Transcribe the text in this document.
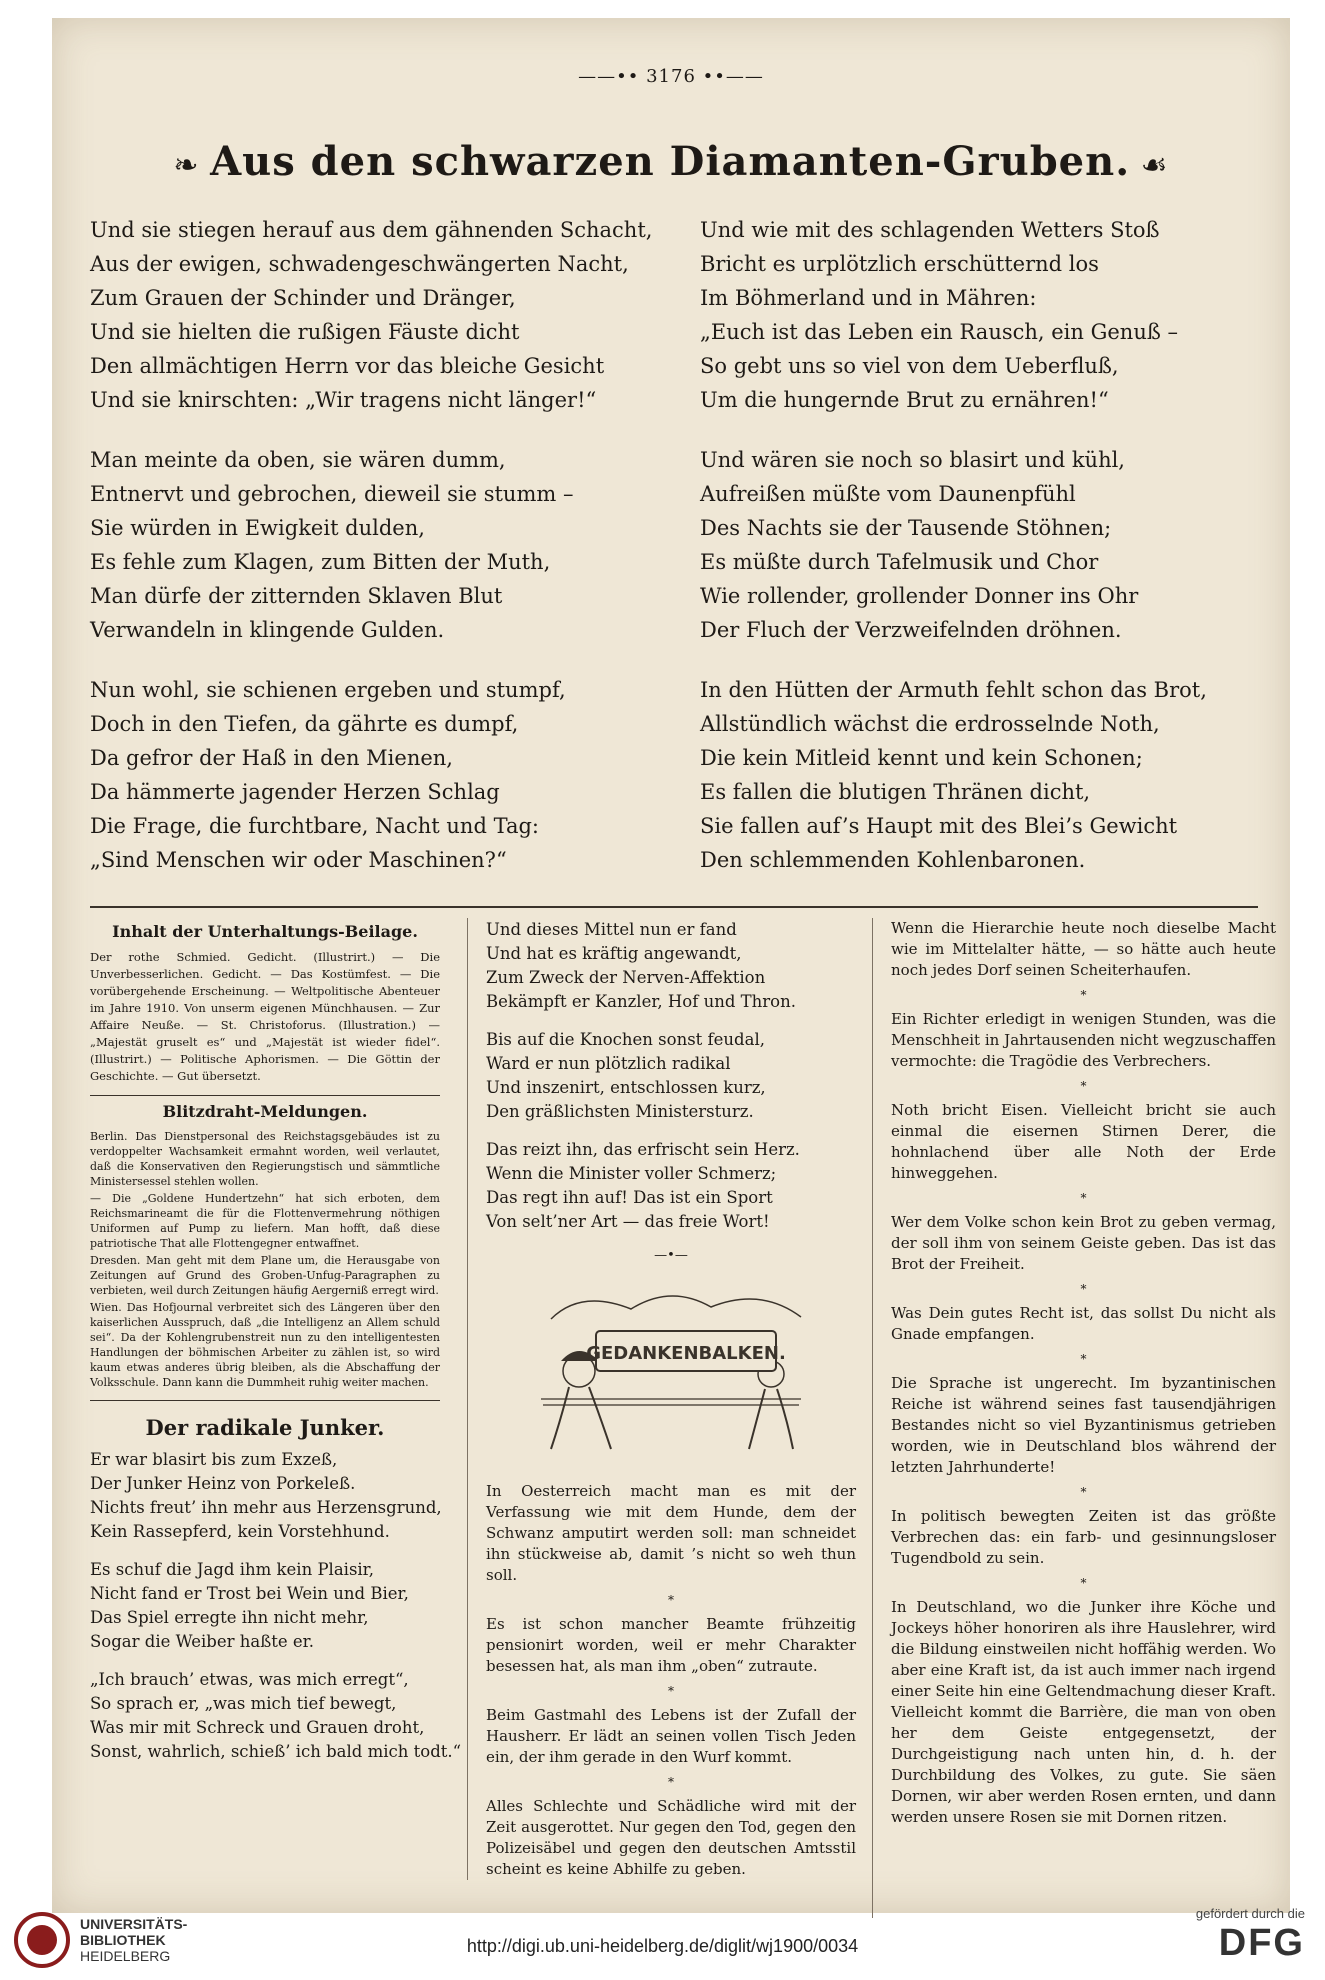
——•• 3176 ••——
❧ Aus den schwarzen Diamanten-Gruben. ☙
Und sie stiegen herauf aus dem gähnenden Schacht,
Aus der ewigen, schwadengeschwängerten Nacht,
Zum Grauen der Schinder und Dränger,
Und sie hielten die rußigen Fäuste dicht
Den allmächtigen Herrn vor das bleiche Gesicht
Und sie knirschten: „Wir tragens nicht länger!“
Man meinte da oben, sie wären dumm,
Entnervt und gebrochen, dieweil sie stumm –
Sie würden in Ewigkeit dulden,
Es fehle zum Klagen, zum Bitten der Muth,
Man dürfe der zitternden Sklaven Blut
Verwandeln in klingende Gulden.
Nun wohl, sie schienen ergeben und stumpf,
Doch in den Tiefen, da gährte es dumpf,
Da gefror der Haß in den Mienen,
Da hämmerte jagender Herzen Schlag
Die Frage, die furchtbare, Nacht und Tag:
„Sind Menschen wir oder Maschinen?“
Und wie mit des schlagenden Wetters Stoß
Bricht es urplötzlich erschütternd los
Im Böhmerland und in Mähren:
„Euch ist das Leben ein Rausch, ein Genuß –
So gebt uns so viel von dem Ueberfluß,
Um die hungernde Brut zu ernähren!“
Und wären sie noch so blasirt und kühl,
Aufreißen müßte vom Daunenpfühl
Des Nachts sie der Tausende Stöhnen;
Es müßte durch Tafelmusik und Chor
Wie rollender, grollender Donner ins Ohr
Der Fluch der Verzweifelnden dröhnen.
In den Hütten der Armuth fehlt schon das Brot,
Allstündlich wächst die erdrosselnde Noth,
Die kein Mitleid kennt und kein Schonen;
Es fallen die blutigen Thränen dicht,
Sie fallen auf’s Haupt mit des Blei’s Gewicht
Den schlemmenden Kohlenbaronen.
Inhalt der Unterhaltungs-Beilage.
Der rothe Schmied. Gedicht. (Illustrirt.) — Die Unverbesserlichen. Gedicht. — Das Kostümfest. — Die vorübergehende Erscheinung. — Weltpolitische Abenteuer im Jahre 1910. Von unserm eigenen Münchhausen. — Zur Affaire Neuße. — St. Christoforus. (Illustration.) — „Majestät gruselt es“ und „Majestät ist wieder fidel“. (Illustrirt.) — Politische Aphorismen. — Die Göttin der Geschichte. — Gut übersetzt.
Blitzdraht-Meldungen.

Berlin. Das Dienstpersonal des Reichstagsgebäudes ist zu verdoppelter Wachsamkeit ermahnt worden, weil verlautet, daß die Konservativen den Regierungstisch und sämmtliche Ministersessel stehlen wollen.

— Die „Goldene Hundertzehn“ hat sich erboten, dem Reichsmarineamt die für die Flottenvermehrung nöthigen Uniformen auf Pump zu liefern. Man hofft, daß diese patriotische That alle Flottengegner entwaffnet.

Dresden. Man geht mit dem Plane um, die Herausgabe von Zeitungen auf Grund des Groben-Unfug-Paragraphen zu verbieten, weil durch Zeitungen häufig Aergerniß erregt wird.

Wien. Das Hofjournal verbreitet sich des Längeren über den kaiserlichen Ausspruch, daß „die Intelligenz an Allem schuld sei“. Da der Kohlengrubenstreit nun zu den intelligentesten Handlungen der böhmischen Arbeiter zu zählen ist, so wird kaum etwas anderes übrig bleiben, als die Abschaffung der Volksschule. Dann kann die Dummheit ruhig weiter machen.

Der radikale Junker.
Er war blasirt bis zum Exzeß,
Der Junker Heinz von Porkeleß.
Nichts freut’ ihn mehr aus Herzensgrund,
Kein Rassepferd, kein Vorstehhund.
Es schuf die Jagd ihm kein Plaisir,
Nicht fand er Trost bei Wein und Bier,
Das Spiel erregte ihn nicht mehr,
Sogar die Weiber haßte er.
„Ich brauch’ etwas, was mich erregt“,
So sprach er, „was mich tief bewegt,
Was mir mit Schreck und Grauen droht,
Sonst, wahrlich, schieß’ ich bald mich todt.“
Und dieses Mittel nun er fand
Und hat es kräftig angewandt,
Zum Zweck der Nerven-Affektion
Bekämpft er Kanzler, Hof und Thron.
Bis auf die Knochen sonst feudal,
Ward er nun plötzlich radikal
Und inszenirt, entschlossen kurz,
Den gräßlichsten Ministersturz.
Das reizt ihn, das erfrischt sein Herz.
Wenn die Minister voller Schmerz;
Das regt ihn auf! Das ist ein Sport
Von selt’ner Art — das freie Wort!
—•—
GEDANKENBALKEN.

In Oesterreich macht man es mit der Verfassung wie mit dem Hunde, dem der Schwanz amputirt werden soll: man schneidet ihn stückweise ab, damit ’s nicht so weh thun soll.

*

Es ist schon mancher Beamte frühzeitig pensionirt worden, weil er mehr Charakter besessen hat, als man ihm „oben“ zutraute.

*

Beim Gastmahl des Lebens ist der Zufall der Hausherr. Er lädt an seinen vollen Tisch Jeden ein, der ihm gerade in den Wurf kommt.

*

Alles Schlechte und Schädliche wird mit der Zeit ausgerottet. Nur gegen den Tod, gegen den Polizeisäbel und gegen den deutschen Amtsstil scheint es keine Abhilfe zu geben.

Wenn die Hierarchie heute noch dieselbe Macht wie im Mittelalter hätte, — so hätte auch heute noch jedes Dorf seinen Scheiterhaufen.

*

Ein Richter erledigt in wenigen Stunden, was die Menschheit in Jahrtausenden nicht wegzuschaffen vermochte: die Tragödie des Verbrechers.

*

Noth bricht Eisen. Vielleicht bricht sie auch einmal die eisernen Stirnen Derer, die hohnlachend über alle Noth der Erde hinweggehen.

*

Wer dem Volke schon kein Brot zu geben vermag, der soll ihm von seinem Geiste geben. Das ist das Brot der Freiheit.

*

Was Dein gutes Recht ist, das sollst Du nicht als Gnade empfangen.

*

Die Sprache ist ungerecht. Im byzantinischen Reiche ist während seines fast tausendjährigen Bestandes nicht so viel Byzantinismus getrieben worden, wie in Deutschland blos während der letzten Jahrhunderte!

*

In politisch bewegten Zeiten ist das größte Verbrechen das: ein farb- und gesinnungsloser Tugendbold zu sein.

*

In Deutschland, wo die Junker ihre Köche und Jockeys höher honoriren als ihre Hauslehrer, wird die Bildung einstweilen nicht hoffähig werden. Wo aber eine Kraft ist, da ist auch immer nach irgend einer Seite hin eine Geltendmachung dieser Kraft. Vielleicht kommt die Barrière, die man von oben her dem Geiste entgegensetzt, der Durchgeistigung nach unten hin, d. h. der Durchbildung des Volkes, zu gute. Sie säen Dornen, wir aber werden Rosen ernten, und dann werden unsere Rosen sie mit Dornen ritzen.

UNIVERSITÄTS-
BIBLIOTHEK
HEIDELBERG	http://digi.ub.uni-heidelberg.de/diglit/wj1900/0034
gefördert durch die
DFG
